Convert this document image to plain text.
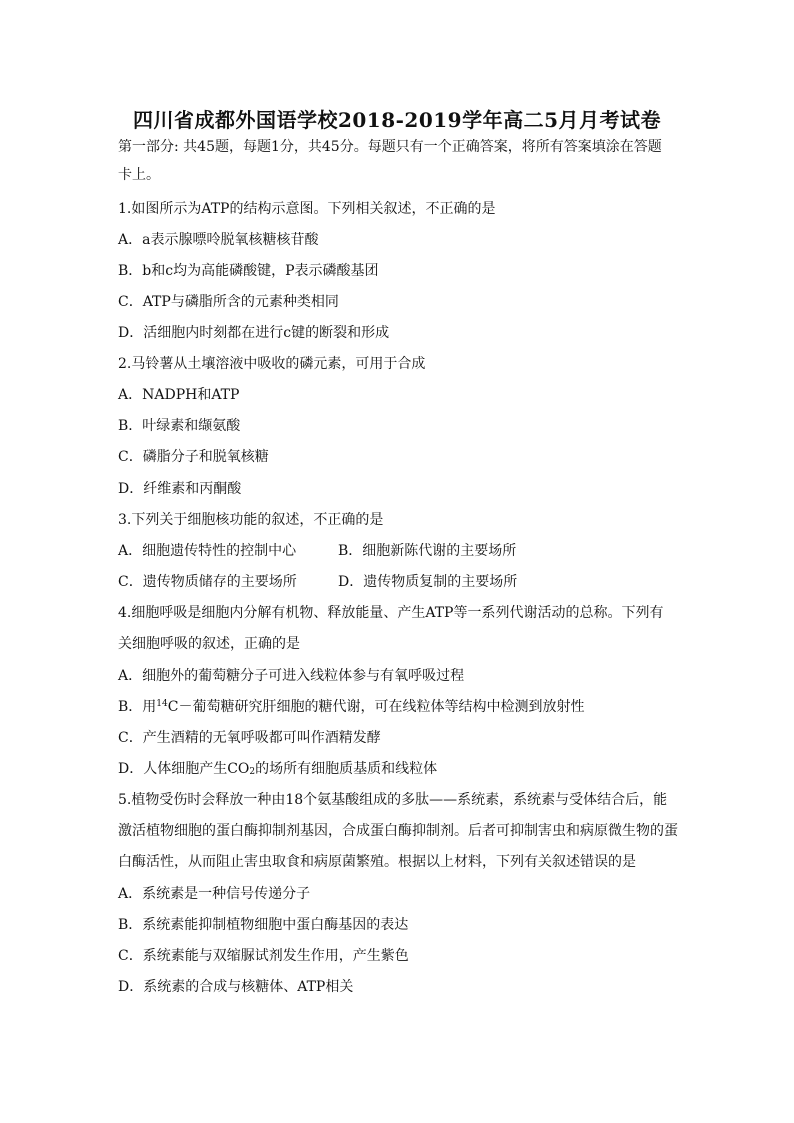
四川省成都外国语学校2018-2019学年高二5月月考试卷
第一部分: 共45题，每题1分，共45分。每题只有一个正确答案，将所有答案填涂在答题
卡上。
1.如图所示为ATP的结构示意图。下列相关叙述，不正确的是
A．a表示腺嘌呤脱氧核糖核苷酸
B．b和c均为高能磷酸键，P表示磷酸基团
C．ATP与磷脂所含的元素种类相同
D．活细胞内时刻都在进行c键的断裂和形成
2.马铃薯从土壤溶液中吸收的磷元素，可用于合成
A．NADPH和ATP
B．叶绿素和缬氨酸
C．磷脂分子和脱氧核糖
D．纤维素和丙酮酸
3.下列关于细胞核功能的叙述，不正确的是
A．细胞遗传特性的控制中心	B．细胞新陈代谢的主要场所
C．遗传物质储存的主要场所	D．遗传物质复制的主要场所
4.细胞呼吸是细胞内分解有机物、释放能量、产生ATP等一系列代谢活动的总称。下列有
关细胞呼吸的叙述，正确的是
A．细胞外的葡萄糖分子可进入线粒体参与有氧呼吸过程
B．用$^{14}$C－葡萄糖研究肝细胞的糖代谢，可在线粒体等结构中检测到放射性
C．产生酒精的无氧呼吸都可叫作酒精发酵
D．人体细胞产生$CO_2$的场所有细胞质基质和线粒体
5.植物受伤时会释放一种由18个氨基酸组成的多肽——系统素，系统素与受体结合后，能
激活植物细胞的蛋白酶抑制剂基因，合成蛋白酶抑制剂。后者可抑制害虫和病原微生物的蛋
白酶活性，从而阻止害虫取食和病原菌繁殖。根据以上材料，下列有关叙述错误的是
A．系统素是一种信号传递分子
B．系统素能抑制植物细胞中蛋白酶基因的表达
C．系统素能与双缩脲试剂发生作用，产生紫色
D．系统素的合成与核糖体、ATP相关
